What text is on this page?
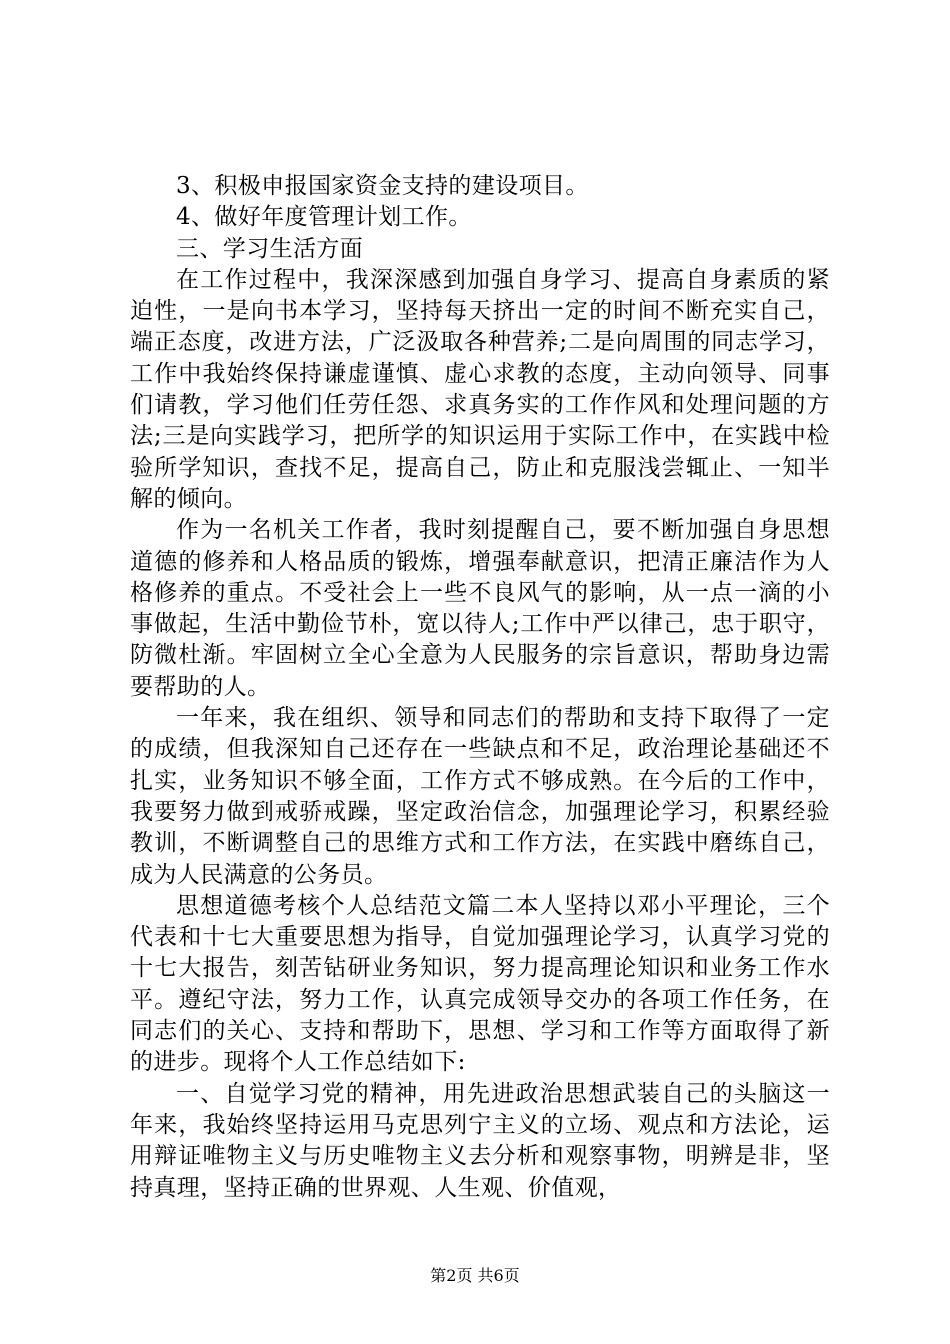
3、积极申报国家资金支持的建设项目。

4、做好年度管理计划工作。

三、学习生活方面

在工作过程中，我深深感到加强自身学习、提高自身素质的紧迫性，一是向书本学习，坚持每天挤出一定的时间不断充实自己，端正态度，改进方法，广泛汲取各种营养;二是向周围的同志学习，工作中我始终保持谦虚谨慎、虚心求教的态度，主动向领导、同事们请教，学习他们任劳任怨、求真务实的工作作风和处理问题的方法;三是向实践学习，把所学的知识运用于实际工作中，在实践中检验所学知识，查找不足，提高自己，防止和克服浅尝辄止、一知半解的倾向。

作为一名机关工作者，我时刻提醒自己，要不断加强自身思想道德的修养和人格品质的锻炼，增强奉献意识，把清正廉洁作为人格修养的重点。不受社会上一些不良风气的影响，从一点一滴的小事做起，生活中勤俭节朴，宽以待人;工作中严以律己，忠于职守，防微杜渐。牢固树立全心全意为人民服务的宗旨意识，帮助身边需要帮助的人。

一年来，我在组织、领导和同志们的帮助和支持下取得了一定的成绩，但我深知自己还存在一些缺点和不足，政治理论基础还不扎实，业务知识不够全面，工作方式不够成熟。在今后的工作中，我要努力做到戒骄戒躁，坚定政治信念，加强理论学习，积累经验教训，不断调整自己的思维方式和工作方法，在实践中磨练自己，成为人民满意的公务员。

思想道德考核个人总结范文篇二本人坚持以邓小平理论，三个代表和十七大重要思想为指导，自觉加强理论学习，认真学习党的十七大报告，刻苦钻研业务知识，努力提高理论知识和业务工作水平。遵纪守法，努力工作，认真完成领导交办的各项工作任务，在同志们的关心、支持和帮助下，思想、学习和工作等方面取得了新的进步。现将个人工作总结如下:

一、自觉学习党的精神，用先进政治思想武装自己的头脑这一年来，我始终坚持运用马克思列宁主义的立场、观点和方法论，运用辩证唯物主义与历史唯物主义去分析和观察事物，明辨是非，坚持真理，坚持正确的世界观、人生观、价值观，

第2页 共6页
